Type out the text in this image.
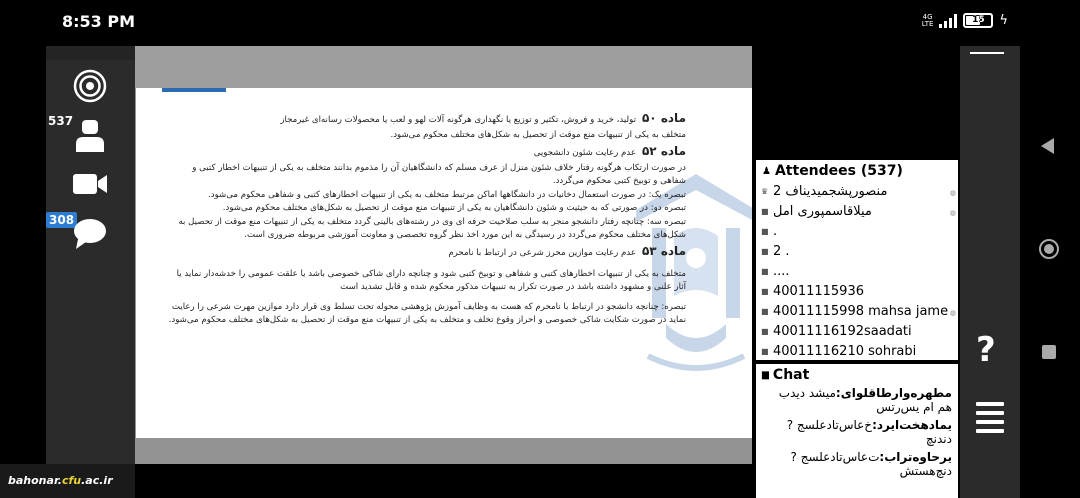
8:53 PM	4G
LTE	15	ϟ
537
308
bahonar.cfu.ac.ir
ماده ۵۰تولید، خرید و فروش، تکثیر و توزیع یا نگهداری هرگونه آلات لهو و لعب یا محصولات رسانه‌ای غیرمجاز

متخلف به یکی از تنبیهات منع موقت از تحصیل به شکل‌های مختلف محکوم می‌شود.

ماده ۵۲عدم رعایت شئون دانشجویی

در صورت ارتکاب هرگونه رفتار خلاف شئون منزل از عرف مسلم که دانشگاهیان آن را مذموم بدانند متخلف به یکی از تنبیهات اخطار کتبی و شفاهی و توبیخ کتبی محکوم می‌گردد.

تبصره یک: در صورت استعمال دخانیات در دانشگاهها اماکن مرتبط متخلف به یکی از تنبیهات اخطارهای کتبی و شفاهی محکوم می‌شود.

تبصره دو: در صورتی که به حیثیت و شئون دانشگاهیان به یکی از تنبیهات منع موقت از تحصیل به شکل‌های مختلف محکوم می‌شود.

تبصره سه: چنانچه رفتار دانشجو منجر به سلب صلاحیت حرفه ای وی در رشته‌های بالینی گردد متخلف به یکی از تنبیهات منع موقت از تحصیل به شکل‌های مختلف محکوم می‌گردد در رسیدگی به این مورد اخذ نظر گروه تخصصی و معاونت آموزشی مربوطه ضروری است.

ماده ۵۳عدم رعایت موازین محرز شرعی در ارتباط با نامحرم

متخلف به یکی از تنبیهات اخطارهای کتبی و شفاهی و توبیخ کتبی شود و چنانچه دارای شاکی خصوصی باشد یا علقت عمومی را خدشه‌دار نماید یا آثار علنی و مشهود داشته باشد در صورت تکرار به تنبیهات مذکور محکوم شده و قابل تشدید است

تبصره: چنانچه دانشجو در ارتباط با نامحرم که هست به وظایف آموزش پژوهشی محوله تحت تسلط وی قرار دارد موازین مهرت شرعی را رعایت نماید در صورت شکایت شاکی خصوصی و احراز وقوع تخلف و متخلف به یکی از تنبیهات منع موقت از تحصیل به شکل‌های مختلف محکوم می‌شود.

♟ Attendees (537)
♛ منصورپشجمیدیناف 2	◍
■ میلاقاسمپوری امل	◍
■ .
■ 2 .
■ ....
■ 40011115936
■ 40011115998 mahsa jame ◍
■ 40011116192saadati
■ 40011116210 sohrabi
▆ Chat
مطهره‌وارطاقلوای:میشد دیدب هم ام یس‌رتس
یمادهخت‌ایرد:خ‌عاس‌تا‌دعلسج ?دندنچ
یرحاوه‌تراب:ت‌عاس‌تا‌دعلسج ?دنچ‌هستش
?
